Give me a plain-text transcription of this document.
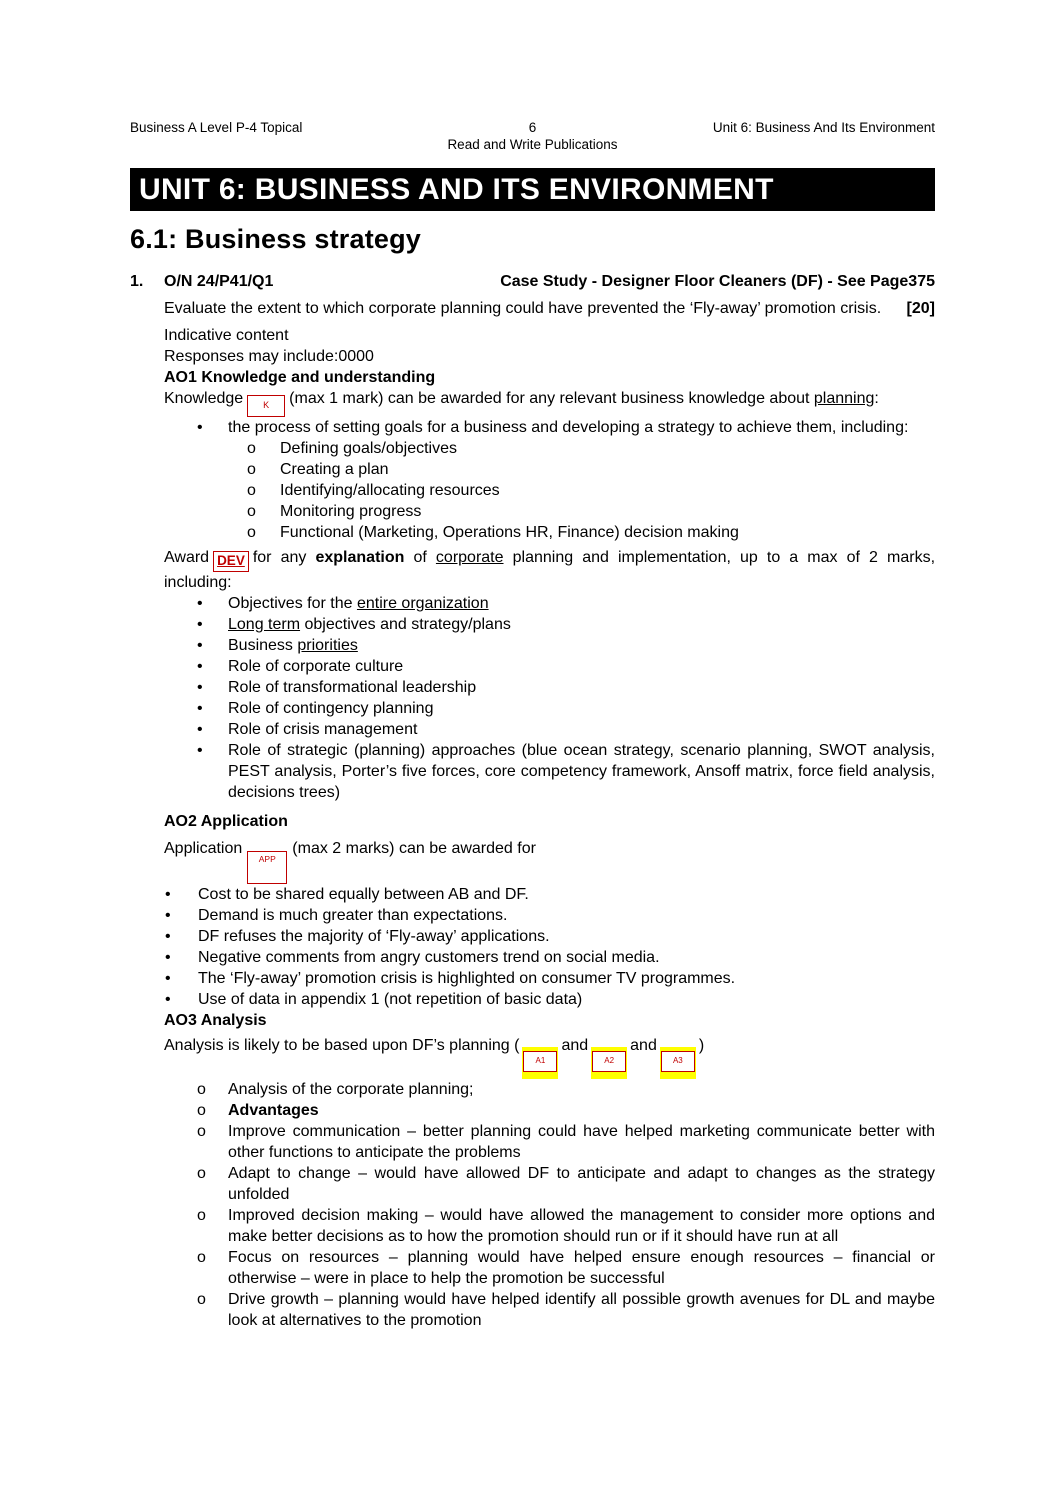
Business A Level P-4 Topical	6	Unit 6: Business And Its Environment
Read and Write Publications
UNIT 6: BUSINESS AND ITS ENVIRONMENT
6.1: Business strategy
1.	O/N 24/P41/Q1	Case Study - Designer Floor Cleaners (DF) - See Page375
Evaluate the extent to which corporate planning could have prevented the ‘Fly-away’ promotion crisis.	[20]
Indicative content
Responses may include:0000
AO1 Knowledge and understanding
Knowledge K (max 1 mark) can be awarded for any relevant business knowledge about planning:
•	the process of setting goals for a business and developing a strategy to achieve them, including:
o	Defining goals/objectives
o	Creating a plan
o	Identifying/allocating resources
o	Monitoring progress
o	Functional (Marketing, Operations HR, Finance) decision making
Award DEV for any explanation of corporate planning and implementation, up to a max of 2 marks, including:
•	Objectives for the entire organization
•	Long term objectives and strategy/plans
•	Business priorities
•	Role of corporate culture
•	Role of transformational leadership
•	Role of contingency planning
•	Role of crisis management
•	Role of strategic (planning) approaches (blue ocean strategy, scenario planning, SWOT analysis, PEST analysis, Porter’s five forces, core competency framework, Ansoff matrix, force field analysis, decisions trees)
AO2 Application
ApplicationAPP(max 2 marks) can be awarded for
•	Cost to be shared equally between AB and DF.
•	Demand is much greater than expectations.
•	DF refuses the majority of ‘Fly-away’ applications.
•	Negative comments from angry customers trend on social media.
•	The ‘Fly-away’ promotion crisis is highlighted on consumer TV programmes.
•	Use of data in appendix 1 (not repetition of basic data)
AO3 Analysis
Analysis is likely to be based upon DF’s planning (
A1
and
A2
and
A3
)
o	Analysis of the corporate planning;
o	Advantages
o	Improve communication – better planning could have helped marketing communicate better with other functions to anticipate the problems
o	Adapt to change – would have allowed DF to anticipate and adapt to changes as the strategy unfolded
o	Improved decision making – would have allowed the management to consider more options and make better decisions as to how the promotion should run or if it should have run at all
o	Focus on resources – planning would have helped ensure enough resources – financial or otherwise – were in place to help the promotion be successful
o	Drive growth – planning would have helped identify all possible growth avenues for DL and maybe look at alternatives to the promotion
